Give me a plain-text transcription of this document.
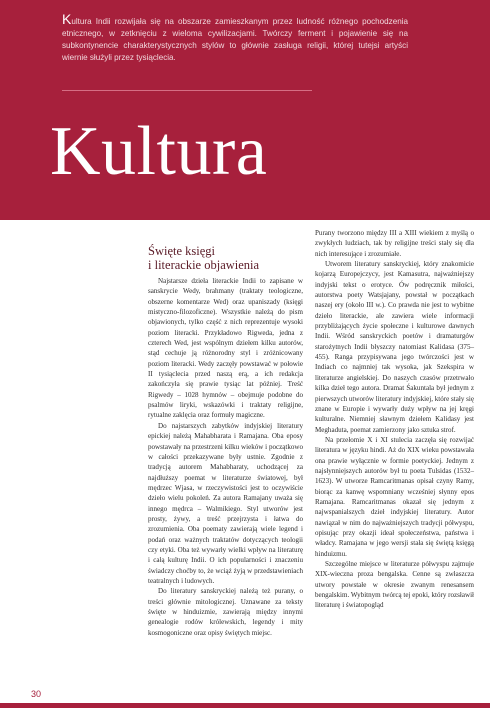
Kultura Indii rozwijała się na obszarze zamieszkanym przez ludność różnego pochodzenia etnicznego, w zetknięciu z wieloma cywilizacjami. Twórczy ferment i pojawienie się na subkontynencie charakterystycznych stylów to głównie zasługa religii, której tutejsi artyści wiernie służyli przez tysiąclecia.
Kultura
Święte księgi
i literackie objawienia

Najstarsze dzieła literackie Indii to zapisane w sanskrycie Wedy, brahmany (traktaty teologiczne, obszerne komentarze Wed) oraz upaniszady (księgi mistyczno-filozoficzne). Wszystkie należą do pism objawionych, tylko część z nich reprezentuje wysoki poziom literacki. Przykładowo Rigweda, jedna z czterech Wed, jest wspólnym dziełem kilku autorów, stąd cechuje ją różnorodny styl i zróżnicowany poziom literacki. Wedy zaczęły powstawać w połowie II tysiąclecia przed naszą erą, a ich redakcja zakończyła się prawie tysiąc lat później. Treść Rigwedy – 1028 hymnów – obejmuje podobne do psalmów liryki, wskazówki i traktaty religijne, rytualne zaklęcia oraz formuły magiczne.

Do najstarszych zabytków indyjskiej literatury epickiej należą Mahabharata i Ramajana. Oba eposy powstawały na przestrzeni kilku wieków i początkowo w całości przekazywane były ustnie. Zgodnie z tradycją autorem Mahabharaty, uchodzącej za najdłuższy poemat w literaturze światowej, był mędrzec Wjasa, w rzeczywistości jest to oczywiście dzieło wielu pokoleń. Za autora Ramajany uważa się innego mędrca – Walmikiego. Styl utworów jest prosty, żywy, a treść przejrzysta i łatwa do zrozumienia. Oba poematy zawierają wiele legend i podań oraz ważnych traktatów dotyczących teologii czy etyki. Oba też wywarły wielki wpływ na literaturę i całą kulturę Indii. O ich popularności i znaczeniu świadczy choćby to, że wciąż żyją w przedstawieniach teatralnych i ludowych.

Do literatury sanskryckiej należą też purany, o treści głównie mitologicznej. Uznawane za teksty święte w hinduizmie, zawierają między innymi genealogie rodów królewskich, legendy i mity kosmogoniczne oraz opisy świętych miejsc.

Purany tworzono między III a XIII wiekiem z myślą o zwykłych ludziach, tak by religijne treści stały się dla nich interesujące i zrozumiałe.

Utworem literatury sanskryckiej, który znakomicie kojarzą Europejczycy, jest Kamasutra, najważniejszy indyjski tekst o erotyce. Ów podręcznik miłości, autorstwa poety Watsjajany, powstał w początkach naszej ery (około III w.). Co prawda nie jest to wybitne dzieło literackie, ale zawiera wiele informacji przybliżających życie społeczne i kulturowe dawnych Indii. Wśród sanskryckich poetów i dramaturgów starożytnych Indii błyszczy natomiast Kalidasa (375–455). Ranga przypisywana jego twórczości jest w Indiach co najmniej tak wysoka, jak Szekspira w literaturze angielskiej. Do naszych czasów przetrwało kilka dzieł tego autora. Dramat Śakuntala był jednym z pierwszych utworów literatury indyjskiej, które stały się znane w Europie i wywarły duży wpływ na jej kręgi kulturalne. Niemniej sławnym dziełem Kalidasy jest Meghaduta, poemat zamierzony jako sztuka strof.

Na przełomie X i XI stulecia zaczęła się rozwijać literatura w języku hindi. Aż do XIX wieku powstawała ona prawie wyłącznie w formie poetyckiej. Jednym z najsłynniejszych autorów był tu poeta Tulsidas (1532–1623). W utworze Ramcaritmanas opisał czyny Ramy, biorąc za kanwę wspomniany wcześniej słynny epos Ramajana. Ramcaritmanas okazał się jednym z najwspanialszych dzieł indyjskiej literatury. Autor nawiązał w nim do najważniejszych tradycji półwyspu, opisując przy okazji ideał społeczeństwa, państwa i władcy. Ramajana w jego wersji stała się świętą księgą hinduizmu.

Szczególne miejsce w literaturze półwyspu zajmuje XIX-wieczna proza bengalska. Cenne są zwłaszcza utwory powstałe w okresie zwanym renesansem bengalskim. Wybitnym twórcą tej epoki, który rozsławił literaturę i światopogląd

30
